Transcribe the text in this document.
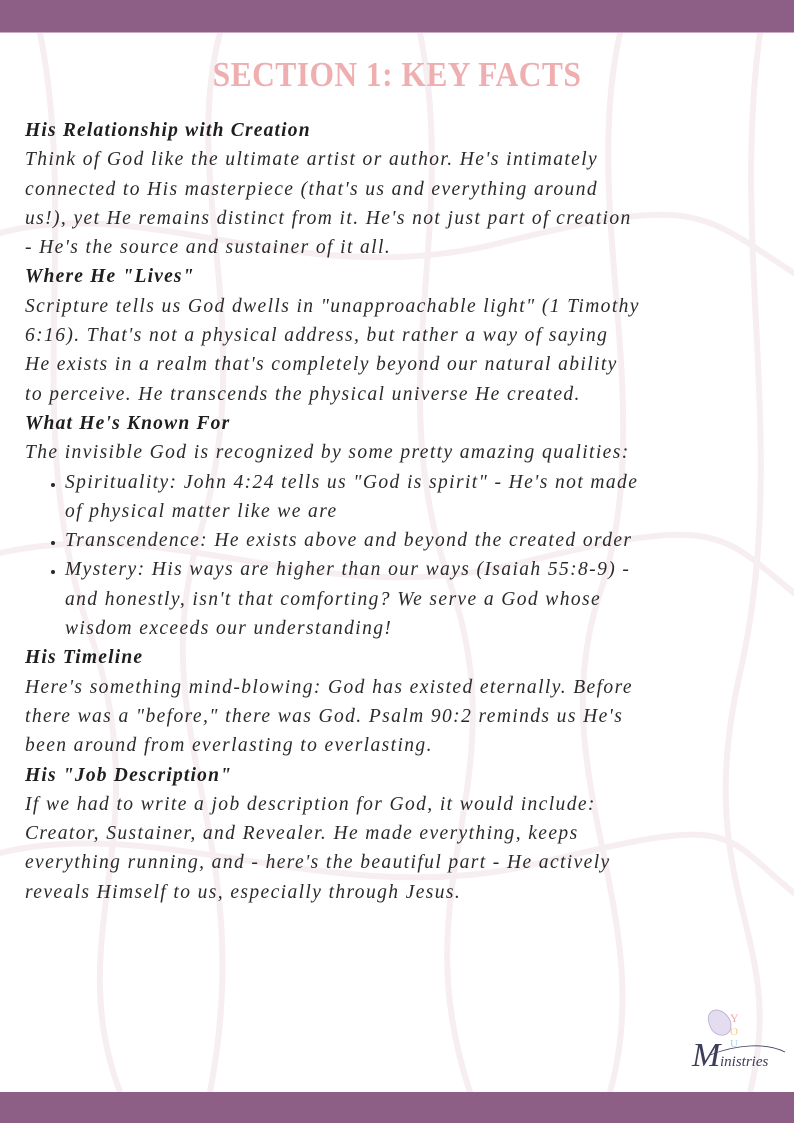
SECTION 1: KEY FACTS
His Relationship with Creation
Think of God like the ultimate artist or author. He's intimately
connected to His masterpiece (that's us and everything around
us!), yet He remains distinct from it. He's not just part of creation
- He's the source and sustainer of it all.
Where He "Lives"
Scripture tells us God dwells in "unapproachable light" (1 Timothy
6:16). That's not a physical address, but rather a way of saying
He exists in a realm that's completely beyond our natural ability
to perceive. He transcends the physical universe He created.
What He's Known For
The invisible God is recognized by some pretty amazing qualities:
• Spirituality: John 4:24 tells us "God is spirit" - He's not made
of physical matter like we are
• Transcendence: He exists above and beyond the created order
• Mystery: His ways are higher than our ways (Isaiah 55:8-9) -
and honestly, isn't that comforting? We serve a God whose
wisdom exceeds our understanding!
His Timeline
Here's something mind-blowing: God has existed eternally. Before
there was a "before," there was God. Psalm 90:2 reminds us He's
been around from everlasting to everlasting.
His "Job Description"
If we had to write a job description for God, it would include:
Creator, Sustainer, and Revealer. He made everything, keeps
everything running, and - here's the beautiful part - He actively
reveals Himself to us, especially through Jesus.
Y
O
U
M inistries
